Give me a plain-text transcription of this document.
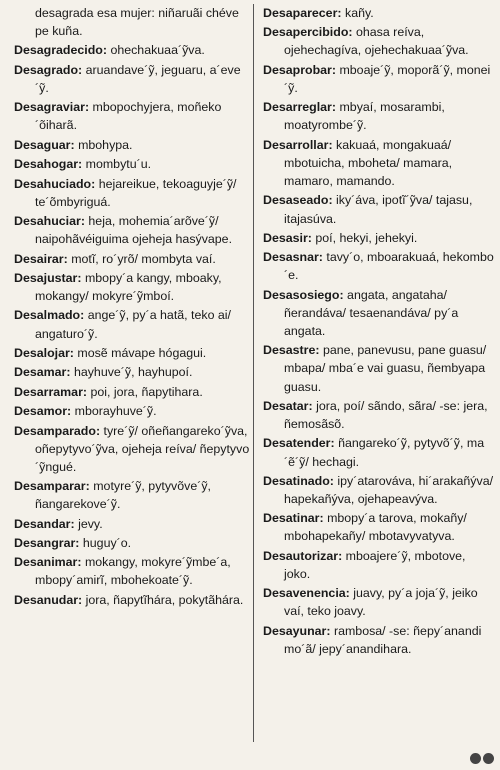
desagrada esa mujer: niñaruãi chéve pe kuña.

Desagradecido: ohechakuaa´ỹva.

Desagrado: aruandave´ỹ, jeguaru, a´eve´ỹ.

Desagraviar: mbopochyjera, moñeko´õiharã.

Desaguar: mbohypa.

Desahogar: mombytu´u.

Desahuciado: hejareikue, tekoaguyje´ỹ/ te´õmbyriguá.

Desahuciar: heja, mohemia´arõve´ỹ/ naipohãvéiguima ojeheja hasývape.

Desairar: motĩ, ro´yrõ/ mombyta vaí.

Desajustar: mbopy´a kangy, mboaky, mokangy/ mokyre´ỹmboí.

Desalmado: ange´ỹ, py´a hatã, teko ai/ angaturo´ỹ.

Desalojar: mosẽ mávape hógagui.

Desamar: hayhuve´ỹ, hayhupoí.

Desarramar: poi, jora, ñapytihara.

Desamor: mborayhuve´ỹ.

Desamparado: tyre´ỹ/ oñeñangareko´ỹva, oñepytyvo´ỹva, ojeheja reíva/ ñepytyvo´ỹngué.

Desamparar: motyre´ỹ, pytyvõve´ỹ, ñangarekove´ỹ.

Desandar: jevy.

Desangrar: huguy´o.

Desanimar: mokangy, mokyre´ỹmbe´a, mbopy´amirĩ, mbohekoate´ỹ.

Desanudar: jora, ñapytĩhára, pokytãhára.

Desaparecer: kañy.

Desapercibido: ohasa reíva, ojehechagíva, ojehechakuaa´ỹva.

Desaprobar: mboaje´ỹ, moporã´ỹ, monei´ỹ.

Desarreglar: mbyaí, mosarambi, moatyrombe´ỹ.

Desarrollar: kakuaá, mongakuaá/ mbotuicha, mboheta/ mamara, mamaro, mamando.

Desaseado: iky´áva, ipotĩ´ỹva/ tajasu, itajasúva.

Desasir: poí, hekyi, jehekyi.

Desasnar: tavy´o, mboarakuaá, hekombo´e.

Desasosiego: angata, angataha/ ñerandáva/ tesaenandáva/ py´a angata.

Desastre: pane, panevusu, pane guasu/ mbapa/ mba´e vai guasu, ñembyapa guasu.

Desatar: jora, poí/ sãndo, sãra/ -se: jera, ñemosãsõ.

Desatender: ñangareko´ỹ, pytyvõ´ỹ, ma´ẽ´ỹ/ hechagi.

Desatinado: ipy´atarováva, hi´arakañýva/ hapekañýva, ojehapeavýva.

Desatinar: mbopy´a tarova, mokañy/ mbohapekañy/ mbotavyvatyva.

Desautorizar: mboajere´ỹ, mbotove, joko.

Desavenencia: juavy, py´a joja´ỹ, jeiko vaí, teko joavy.

Desayunar: rambosa/ -se: ñepy´anandi mo´ã/ jepy´anandihara.
